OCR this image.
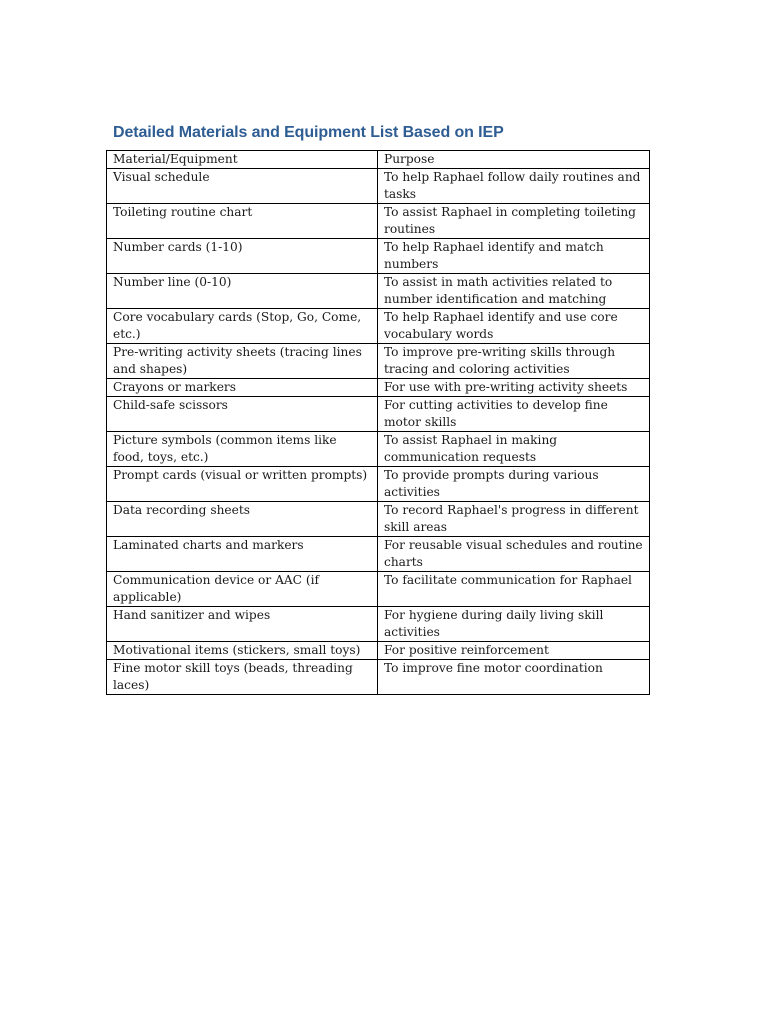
Detailed Materials and Equipment List Based on IEP
Material/Equipment	Purpose
Visual schedule	To help Raphael follow daily routines and tasks
Toileting routine chart	To assist Raphael in completing toileting routines
Number cards (1-10)	To help Raphael identify and match numbers
Number line (0-10)	To assist in math activities related to number identification and matching
Core vocabulary cards (Stop, Go, Come, etc.)	To help Raphael identify and use core vocabulary words
Pre-writing activity sheets (tracing lines and shapes)	To improve pre-writing skills through tracing and coloring activities
Crayons or markers	For use with pre-writing activity sheets
Child-safe scissors	For cutting activities to develop fine motor skills
Picture symbols (common items like food, toys, etc.)	To assist Raphael in making communication requests
Prompt cards (visual or written prompts)	To provide prompts during various activities
Data recording sheets	To record Raphael's progress in different skill areas
Laminated charts and markers	For reusable visual schedules and routine charts
Communication device or AAC (if applicable)	To facilitate communication for Raphael
Hand sanitizer and wipes	For hygiene during daily living skill activities
Motivational items (stickers, small toys)	For positive reinforcement
Fine motor skill toys (beads, threading laces)	To improve fine motor coordination
